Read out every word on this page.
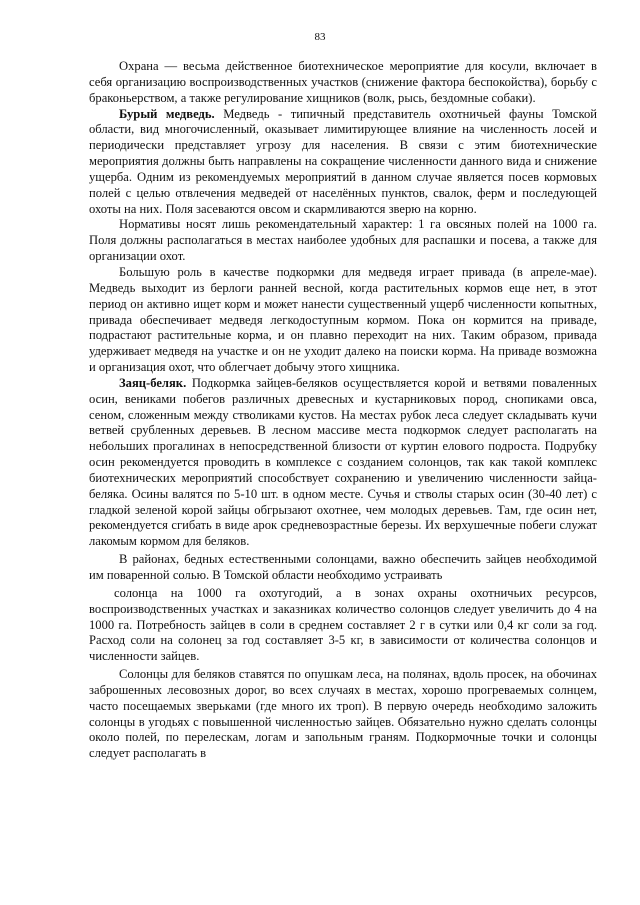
83

Охрана — весьма действенное биотехническое мероприятие для косули, включает в себя организацию воспроизводственных участков (снижение фактора беспокойства), борьбу с браконьерством, а также регулирование хищников (волк, рысь, бездомные собаки).

Бурый медведь. Медведь - типичный представитель охотничьей фауны Томской области, вид многочисленный, оказывает лимитирующее влияние на численность лосей и периодически представляет угрозу для населения. В связи с этим биотехнические мероприятия должны быть направлены на сокращение численности данного вида и снижение ущерба. Одним из рекомендуемых мероприятий в данном случае является посев кормовых полей с целью отвлечения медведей от населённых пунктов, свалок, ферм и последующей охоты на них. Поля засеваются овсом и скармливаются зверю на корню.

Нормативы носят лишь рекомендательный характер: 1 га овсяных полей на 1000 га. Поля должны располагаться в местах наиболее удобных для распашки и посева, а также для организации охот.

Большую роль в качестве подкормки для медведя играет привада (в апреле-мае). Медведь выходит из берлоги ранней весной, когда растительных кормов еще нет, в этот период он активно ищет корм и может нанести существенный ущерб численности копытных, привада обеспечивает медведя легкодоступным кормом. Пока он кормится на приваде, подрастают растительные корма, и он плавно переходит на них. Таким образом, привада удерживает медведя на участке и он не уходит далеко на поиски корма. На приваде возможна и организация охот, что облегчает добычу этого хищника.

Заяц-беляк. Подкормка зайцев-беляков осуществляется корой и ветвями поваленных осин, вениками побегов различных древесных и кустарниковых пород, снопиками овса, сеном, сложенным между стволиками кустов. На местах рубок леса следует складывать кучи ветвей срубленных деревьев. В лесном массиве места подкормок следует располагать на небольших прогалинах в непосредственной близости от куртин елового подроста. Подрубку осин рекомендуется проводить в комплексе с созданием солонцов, так как такой комплекс биотехнических мероприятий способствует сохранению и увеличению численности зайца-беляка. Осины валятся по 5-10 шт. в одном месте. Сучья и стволы старых осин (30-40 лет) с гладкой зеленой корой зайцы обгрызают охотнее, чем молодых деревьев. Там, где осин нет, рекомендуется сгибать в виде арок средневозрастные березы. Их верхушечные побеги служат лакомым кормом для беляков.

В районах, бедных естественными солонцами, важно обеспечить зайцев необходимой им поваренной солью. В Томской области необходимо устраивать

солонца на 1000 га охотугодий, а в зонах охраны охотничьих ресурсов, воспроизводственных участках и заказниках количество солонцов следует увеличить до 4 на 1000 га. Потребность зайцев в соли в среднем составляет 2 г в сутки или 0,4 кг соли за год. Расход соли на солонец за год составляет 3-5 кг, в зависимости от количества солонцов и численности зайцев.

Солонцы для беляков ставятся по опушкам леса, на полянах, вдоль просек, на обочинах заброшенных лесовозных дорог, во всех случаях в местах, хорошо прогреваемых солнцем, часто посещаемых зверьками (где много их троп). В первую очередь необходимо заложить солонцы в угодьях с повышенной численностью зайцев. Обязательно нужно сделать солонцы около полей, по перелескам, логам и запольным граням. Подкормочные точки и солонцы следует располагать в
